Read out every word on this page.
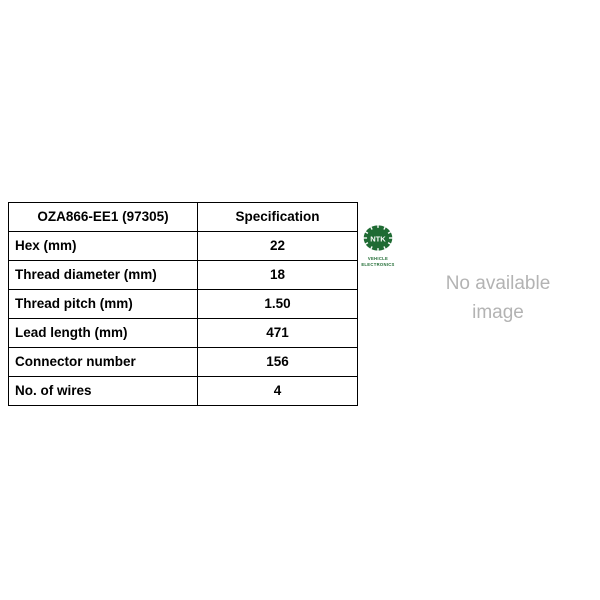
OZA866-EE1 (97305)	Specification
Hex (mm)	22
Thread diameter (mm)	18
Thread pitch (mm)	1.50
Lead length (mm)	471
Connector number	156
No. of wires	4
NTK
VEHICLE
ELECTRONICS
No available
image
